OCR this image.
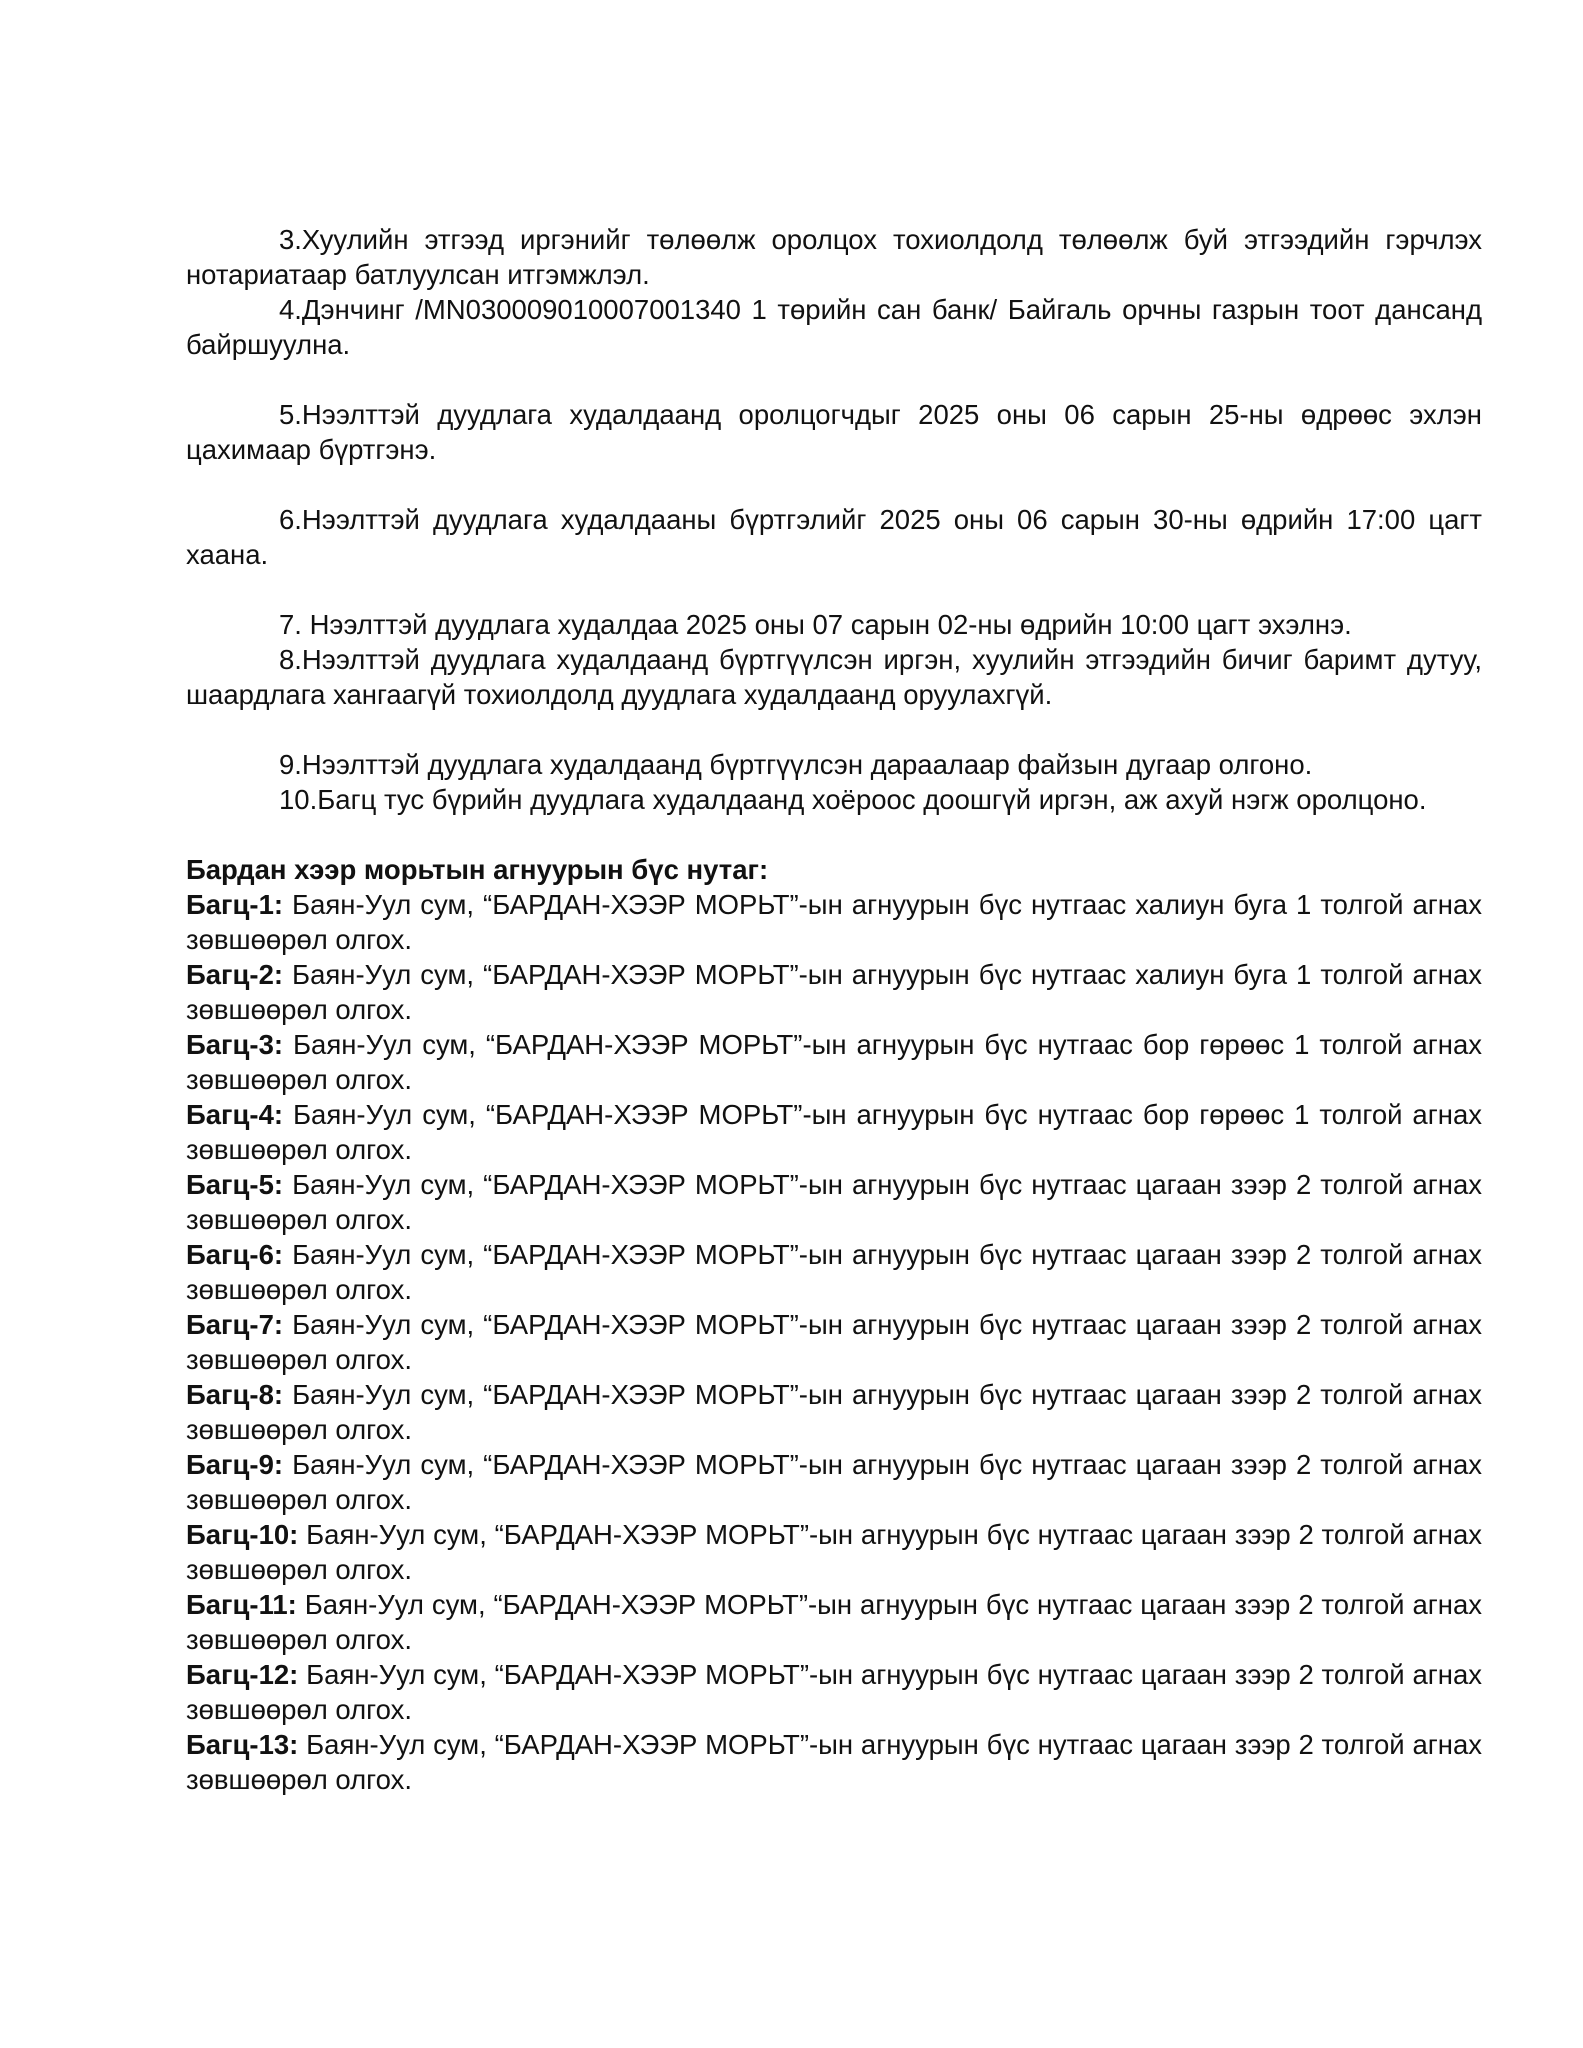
3.Хуулийн этгээд иргэнийг төлөөлж оролцох тохиолдолд төлөөлж буй этгээдийн гэрчлэх нотариатаар батлуулсан итгэмжлэл.

4.Дэнчинг /MN030009010007001340 1 төрийн сан банк/ Байгаль орчны газрын тоот дансанд байршуулна.

5.Нээлттэй дуудлага худалдаанд оролцогчдыг 2025 оны 06 сарын 25-ны өдрөөс эхлэн цахимаар бүртгэнэ.

6.Нээлттэй дуудлага худалдааны бүртгэлийг 2025 оны 06 сарын 30-ны өдрийн 17:00 цагт хаана.

7. Нээлттэй дуудлага худалдаа 2025 оны 07 сарын 02-ны өдрийн 10:00 цагт эхэлнэ.

8.Нээлттэй дуудлага худалдаанд бүртгүүлсэн иргэн, хуулийн этгээдийн бичиг баримт дутуу, шаардлага хангаагүй тохиолдолд дуудлага худалдаанд оруулахгүй.

9.Нээлттэй дуудлага худалдаанд бүртгүүлсэн дараалаар файзын дугаар олгоно.

10.Багц тус бүрийн дуудлага худалдаанд хоёроос доошгүй иргэн, аж ахуй нэгж оролцоно.

Бардан хээр морьтын агнуурын бүс нутаг:

Багц-1: Баян-Уул сум, “БАРДАН-ХЭЭР МОРЬТ”-ын агнуурын бүс нутгаас халиун буга 1 толгой агнах зөвшөөрөл олгох.

Багц-2: Баян-Уул сум, “БАРДАН-ХЭЭР МОРЬТ”-ын агнуурын бүс нутгаас халиун буга 1 толгой агнах зөвшөөрөл олгох.

Багц-3: Баян-Уул сум, “БАРДАН-ХЭЭР МОРЬТ”-ын агнуурын бүс нутгаас бор гөрөөс 1 толгой агнах зөвшөөрөл олгох.

Багц-4: Баян-Уул сум, “БАРДАН-ХЭЭР МОРЬТ”-ын агнуурын бүс нутгаас бор гөрөөс 1 толгой агнах зөвшөөрөл олгох.

Багц-5: Баян-Уул сум, “БАРДАН-ХЭЭР МОРЬТ”-ын агнуурын бүс нутгаас цагаан зээр 2 толгой агнах зөвшөөрөл олгох.

Багц-6: Баян-Уул сум, “БАРДАН-ХЭЭР МОРЬТ”-ын агнуурын бүс нутгаас цагаан зээр 2 толгой агнах зөвшөөрөл олгох.

Багц-7: Баян-Уул сум, “БАРДАН-ХЭЭР МОРЬТ”-ын агнуурын бүс нутгаас цагаан зээр 2 толгой агнах зөвшөөрөл олгох.

Багц-8: Баян-Уул сум, “БАРДАН-ХЭЭР МОРЬТ”-ын агнуурын бүс нутгаас цагаан зээр 2 толгой агнах зөвшөөрөл олгох.

Багц-9: Баян-Уул сум, “БАРДАН-ХЭЭР МОРЬТ”-ын агнуурын бүс нутгаас цагаан зээр 2 толгой агнах зөвшөөрөл олгох.

Багц-10: Баян-Уул сум, “БАРДАН-ХЭЭР МОРЬТ”-ын агнуурын бүс нутгаас цагаан зээр 2 толгой агнах зөвшөөрөл олгох.

Багц-11: Баян-Уул сум, “БАРДАН-ХЭЭР МОРЬТ”-ын агнуурын бүс нутгаас цагаан зээр 2 толгой агнах зөвшөөрөл олгох.

Багц-12: Баян-Уул сум, “БАРДАН-ХЭЭР МОРЬТ”-ын агнуурын бүс нутгаас цагаан зээр 2 толгой агнах зөвшөөрөл олгох.

Багц-13: Баян-Уул сум, “БАРДАН-ХЭЭР МОРЬТ”-ын агнуурын бүс нутгаас цагаан зээр 2 толгой агнах зөвшөөрөл олгох.
